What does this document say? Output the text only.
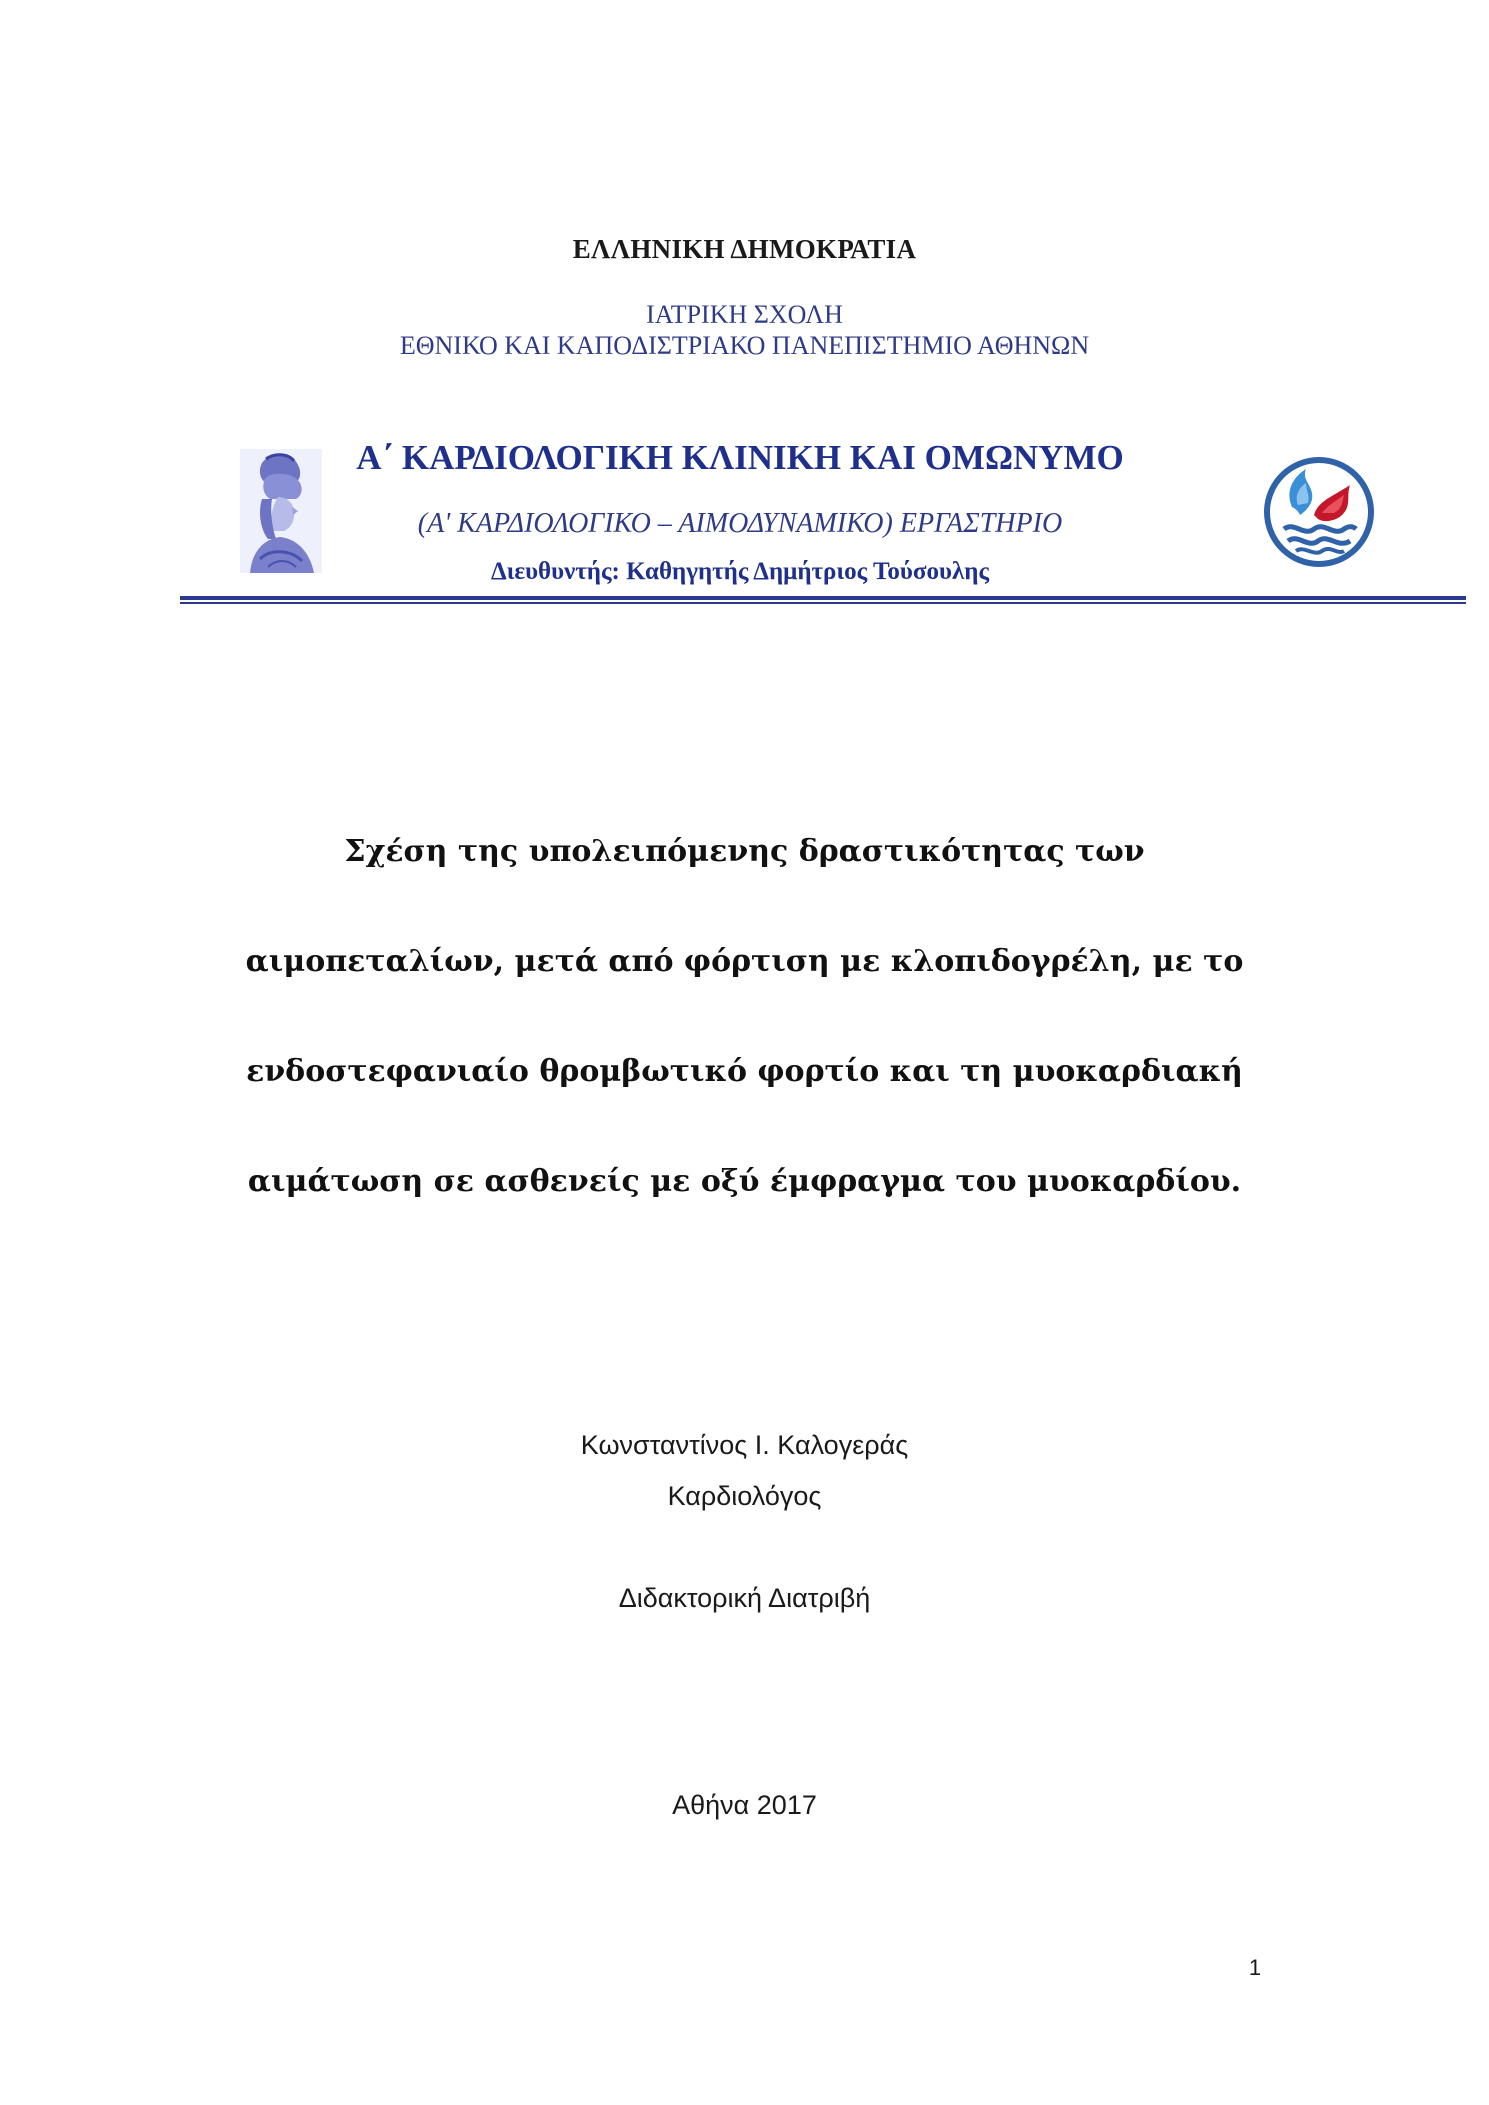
ΕΛΛΗΝΙΚΗ ΔΗΜΟΚΡΑΤΙΑ
ΙΑΤΡΙΚΗ ΣΧΟΛΗ
ΕΘΝΙΚΟ ΚΑΙ ΚΑΠΟΔΙΣΤΡΙΑΚΟ ΠΑΝΕΠΙΣΤΗΜΙΟ ΑΘΗΝΩΝ
Α΄ ΚΑΡΔΙΟΛΟΓΙΚΗ ΚΛΙΝΙΚΗ ΚΑΙ ΟΜΩΝΥΜΟ
(Α' ΚΑΡΔΙΟΛΟΓΙΚΟ – ΑΙΜΟΔΥΝΑΜΙΚΟ) ΕΡΓΑΣΤΗΡΙΟ
Διευθυντής: Καθηγητής Δημήτριος Τούσουλης
Σχέση της υπολειπόμενης δραστικότητας των
αιμοπεταλίων, μετά από φόρτιση με κλοπιδογρέλη, με το
ενδοστεφανιαίο θρομβωτικό φορτίο και τη μυοκαρδιακή
αιμάτωση σε ασθενείς με οξύ έμφραγμα του μυοκαρδίου.
Κωνσταντίνος Ι. Καλογεράς
Καρδιολόγος
Διδακτορική Διατριβή
Αθήνα 2017
1
